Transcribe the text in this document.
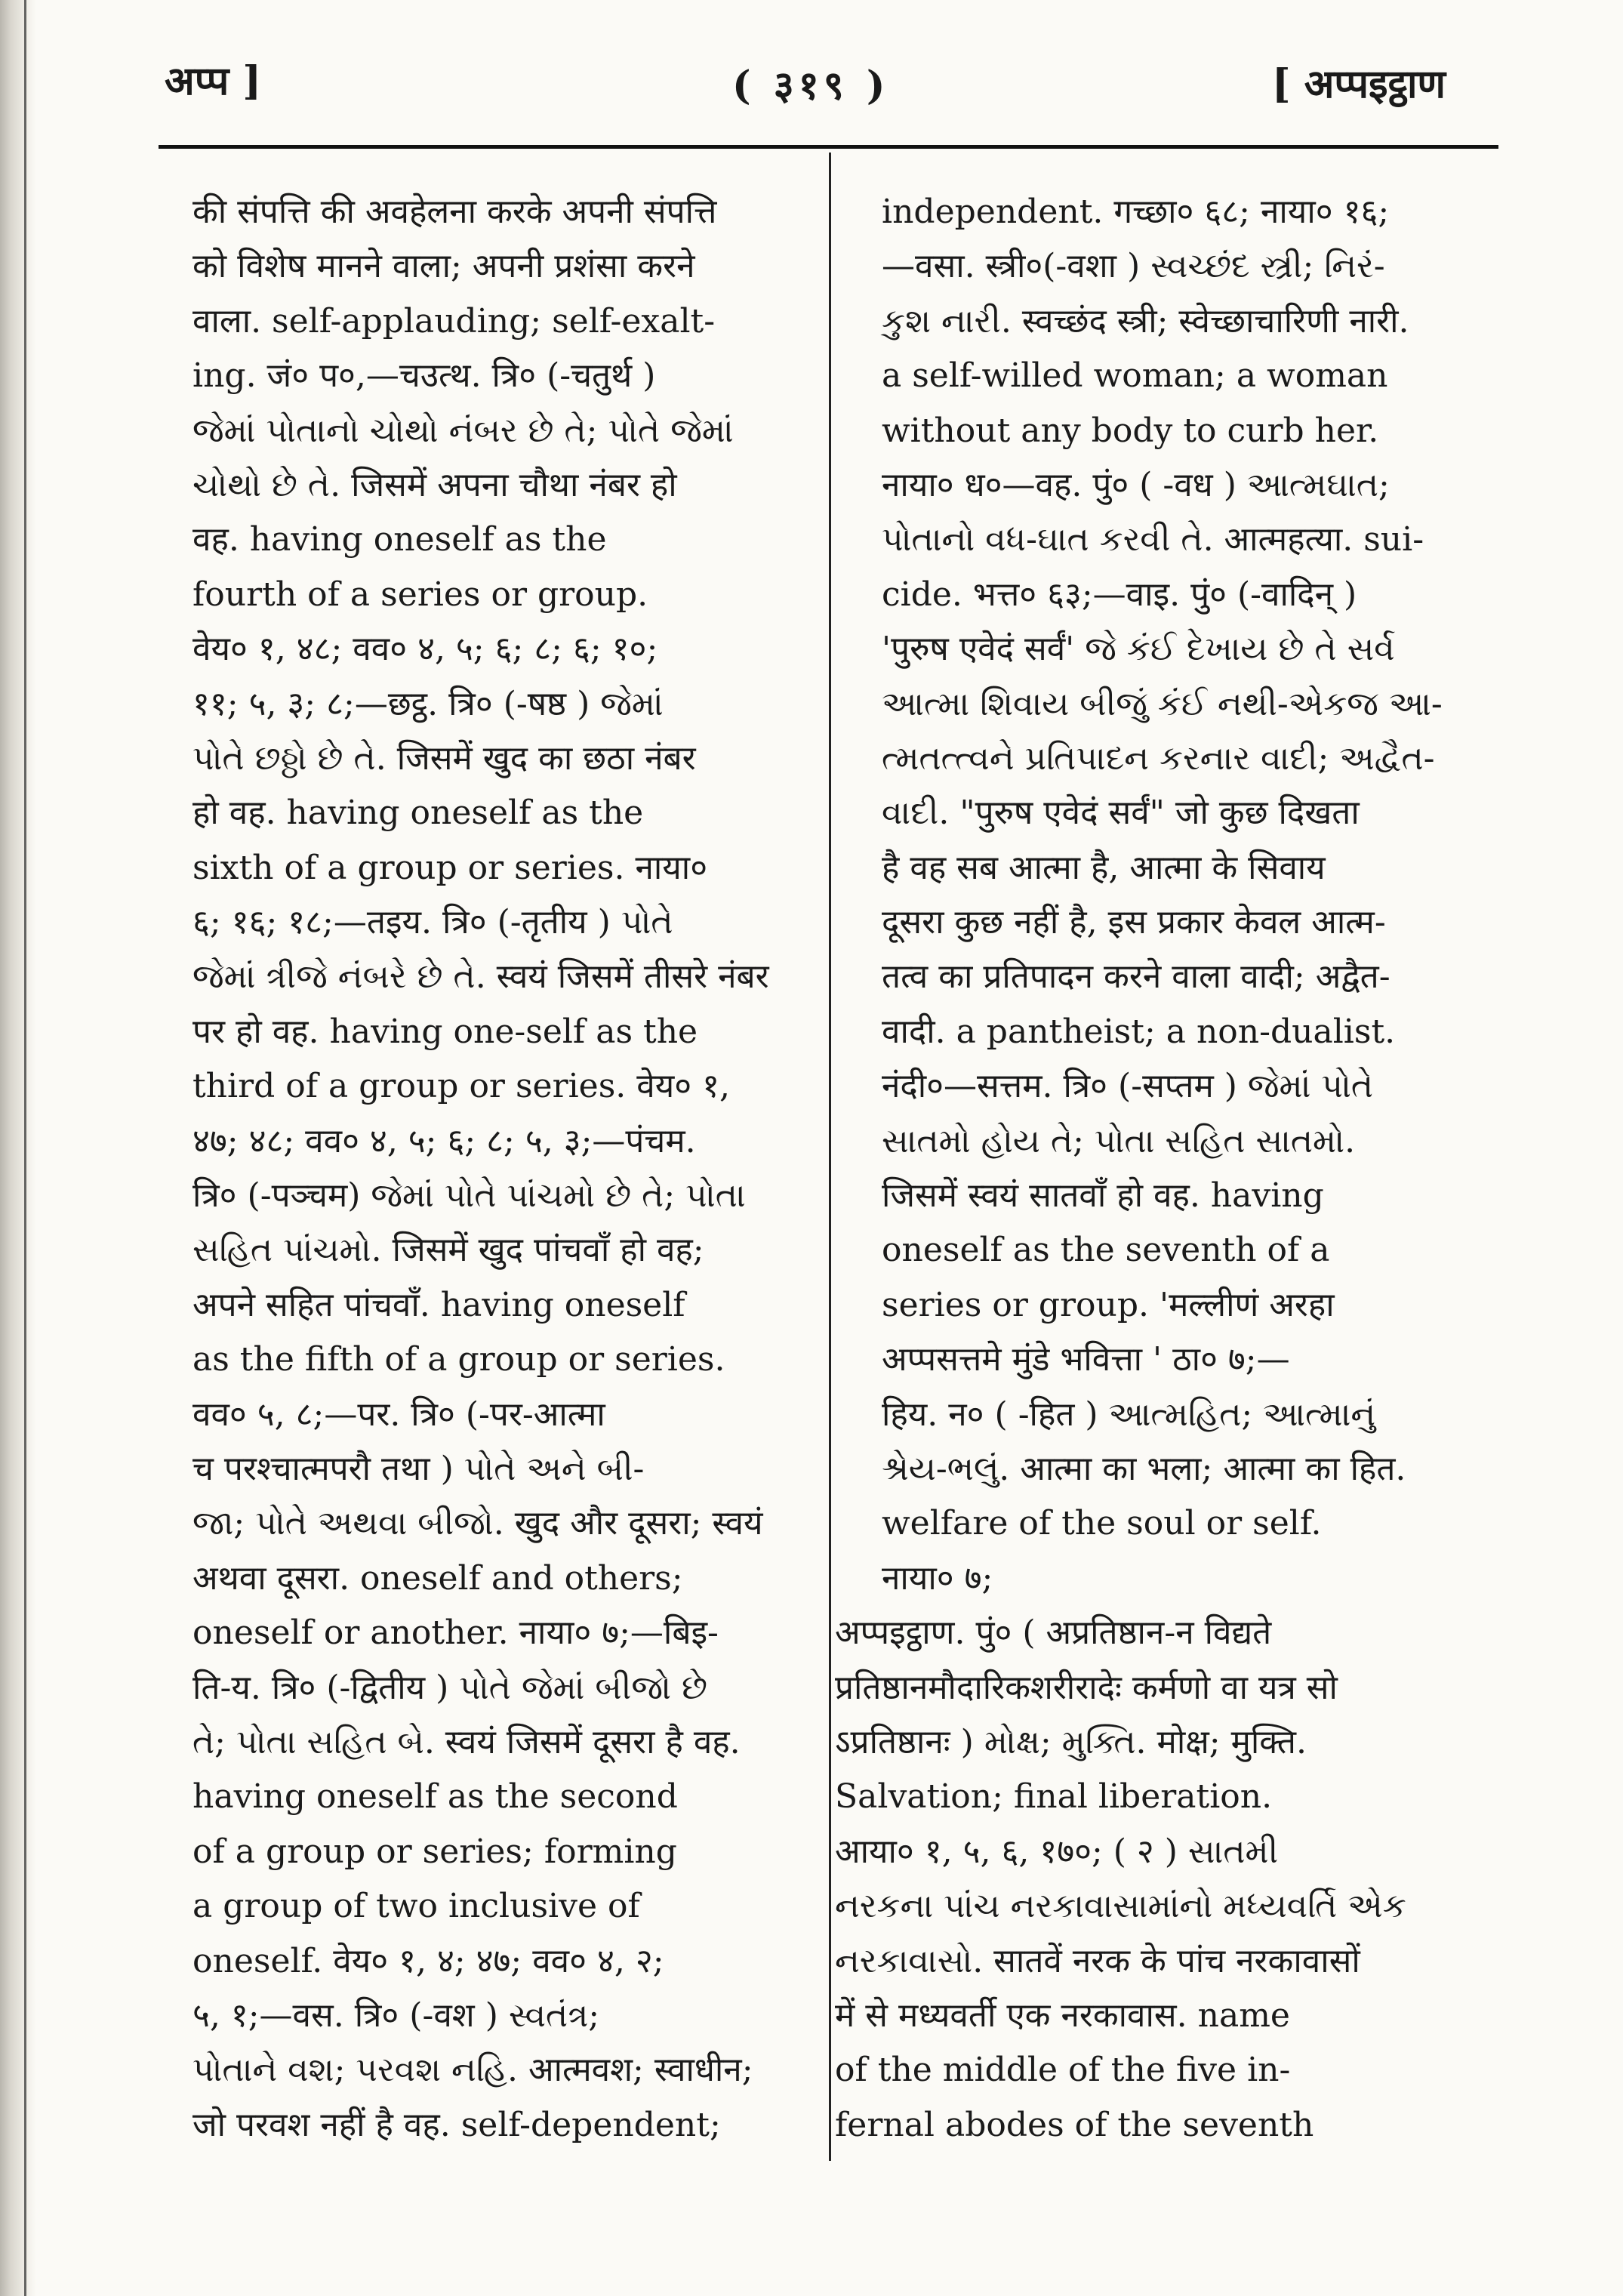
अप्प ]	( ३१९ )	[ अप्पइट्ठाण
की संपत्ति की अवहेलना करके अपनी संपत्ति
को विशेष मानने वाला; अपनी प्रशंसा करने
वाला. self-applauding; self-exalt-
ing. जं० प०,—चउत्थ. त्रि० (-चतुर्थ )
જેમાં પોતાનો ચોથો નંબર છે તે; પોતે જેમાં
ચોથો છે તે. जिसमें अपना चौथा नंबर हो
वह. having oneself as the
fourth of a series or group.
वेय० १, ४८; वव० ४, ५; ६; ८; ६; १०;
११; ५, ३; ८;—छट्ठ. त्रि० (-षष्ठ ) જેમાં
પોતે છઠ્ઠો છે તે. जिसमें खुद का छठा नंबर
हो वह. having oneself as the
sixth of a group or series. नाया०
६; १६; १८;—तइय. त्रि० (-तृतीय ) પોતે
જેમાં ત્રીજે નંબરે છે તે. स्वयं जिसमें तीसरे नंबर
पर हो वह. having one-self as the
third of a group or series. वेय० १,
४७; ४८; वव० ४, ५; ६; ८; ५, ३;—पंचम.
त्रि० (-पञ्चम) જેમાં પોતે પાંચમો છે તે; પોતા
સહિત પાંચમો. जिसमें खुद पांचवाँ हो वह;
अपने सहित पांचवाँ. having oneself
as the fifth of a group or series.
वव० ५, ८;—पर. त्रि० (-पर-आत्मा
च परश्चात्मपरौ तथा ) પોતે અને બી-
જા; પોતે અથવા બીજો. खुद और दूसरा; स्वयं
अथवा दूसरा. oneself and others;
oneself or another. नाया० ७;—बिइ-
ति-य. त्रि० (-द्वितीय ) પોતે જેમાં બીજો છે
તે; પોતા સહિત બે. स्वयं जिसमें दूसरा है वह.
having oneself as the second
of a group or series; forming
a group of two inclusive of
oneself. वेय० १, ४; ४७; वव० ४, २;
५, १;—वस. त्रि० (-वश ) સ્વતંત્ર;
પોતાને વશ; પરવશ નહિ. आत्मवश; स्वाधीन;
जो परवश नहीं है वह. self-dependent;
independent. गच्छा० ६८; नाया० १६;
—वसा. स्त्री०(-वशा ) સ્વચ્છંદ સ્ત્રી; નિરં-
કુશ નારી. स्वच्छंद स्त्री; स्वेच्छाचारिणी नारी.
a self-willed woman; a woman
without any body to curb her.
नाया० ध०—वह. पुं० ( -वध ) આત્મઘાત;
પોતાનો વધ-ઘાત કરવી તે. आत्महत्या. sui-
cide. भत्त० ६३;—वाइ. पुं० (-वादिन् )
'पुरुष एवेदं सर्वं' જે કંઈ દેખાય છે તે સર્વ
આત્મા શિવાય બીજું કંઈ નથી-એકજ આ-
ત્મતત્ત્વને પ્રતિપાદન કરનાર વાદી; અદ્વૈત-
વાદી. "पुरुष एवेदं सर्वं" जो कुछ दिखता
है वह सब आत्मा है, आत्मा के सिवाय
दूसरा कुछ नहीं है, इस प्रकार केवल आत्म-
तत्व का प्रतिपादन करने वाला वादी; अद्वैत-
वादी. a pantheist; a non-dualist.
नंदी०—सत्तम. त्रि० (-सप्तम ) જેમાં પોતે
સાતમો હોય તે; પોતા સહિત સાતમો.
जिसमें स्वयं सातवाँ हो वह. having
oneself as the seventh of a
series or group. 'मल्लीणं अरहा
अप्पसत्तमे मुंडे भवित्ता ' ठा० ७;—
हिय. न० ( -हित ) આત્મહિત; આત્માનું
શ્રેય-ભલું. आत्मा का भला; आत्मा का हित.
welfare of the soul or self.
नाया० ७;
अप्पइट्ठाण. पुं० ( अप्रतिष्ठान-न विद्यते
प्रतिष्ठानमौदारिकशरीरादेः कर्मणो वा यत्र सो
ऽप्रतिष्ठानः ) મોક્ષ; મુક્તિ. मोक्ष; मुक्ति.
Salvation; final liberation.
आया० १, ५, ६, १७०; ( २ ) સાતમી
નરકના પાંચ નરકાવાસામાંનો મધ્યવર્તિ એક
નરકાવાસો. सातवें नरक के पांच नरकावासों
में से मध्यवर्ती एक नरकावास. name
of the middle of the five in-
fernal abodes of the seventh
